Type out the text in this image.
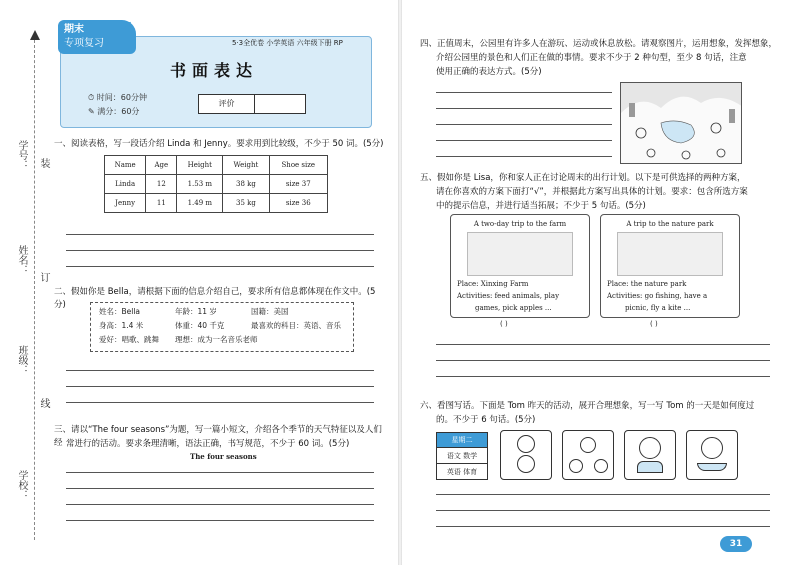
学号：
姓名：
班级：
学校：
装
订
线
期末
专项复习
➶
5·3全优卷 小学英语 六年级下册 RP
书面表达
⏱ 时间：60分钟
✎ 满分：60分
评价
一、阅读表格，写一段话介绍 Linda 和 Jenny。要求用到比较级，不少于 50 词。(5分)
Name	Age	Height	Weight	Shoe size
Linda	12	1.53 m	38 kg	size 37
Jenny	11	1.49 m	35 kg	size 36
二、假如你是 Bella，请根据下面的信息介绍自己，要求所有信息都体现在作文中。(5分)
姓名：Bella	年龄：11 岁	国籍：美国
身高：1.4 米	体重：40 千克	最喜欢的科目：英语、音乐
爱好：唱歌、跳舞	理想：成为一名音乐老师
三、请以“The four seasons”为题，写一篇小短文，介绍各个季节的天气特征以及人们经 常进行的活动。要求条理清晰，语法正确，书写规范，不少于 60 词。(5分)
The four seasons
四、正值周末，公园里有许多人在游玩、运动或休息放松。请观察图片，运用想象，发挥想象，
介绍公园里的景色和人们正在做的事情。要求不少于 2 种句型，至少 8 句话，注意
使用正确的表达方式。(5分)
五、假如你是 Lisa，你和家人正在讨论周末的出行计划。以下是可供选择的两种方案，
请在你喜欢的方案下面打“√”，并根据此方案写出具体的计划。要求：包含所选方案
中的提示信息，并进行适当拓展；不少于 5 句话。(5分)
A two-day trip to the farm
Place: Xinxing Farm
Activities: feed animals, play
games, pick apples ...
( )
A trip to the nature park
Place: the nature park
Activities: go fishing, have a
picnic, fly a kite ...
( )
六、看图写话。下面是 Tom 昨天的活动，展开合理想象，写一写 Tom 的一天是如何度过
的。不少于 6 句话。(5分)
星期二
语文 数学
英语 体育
31
